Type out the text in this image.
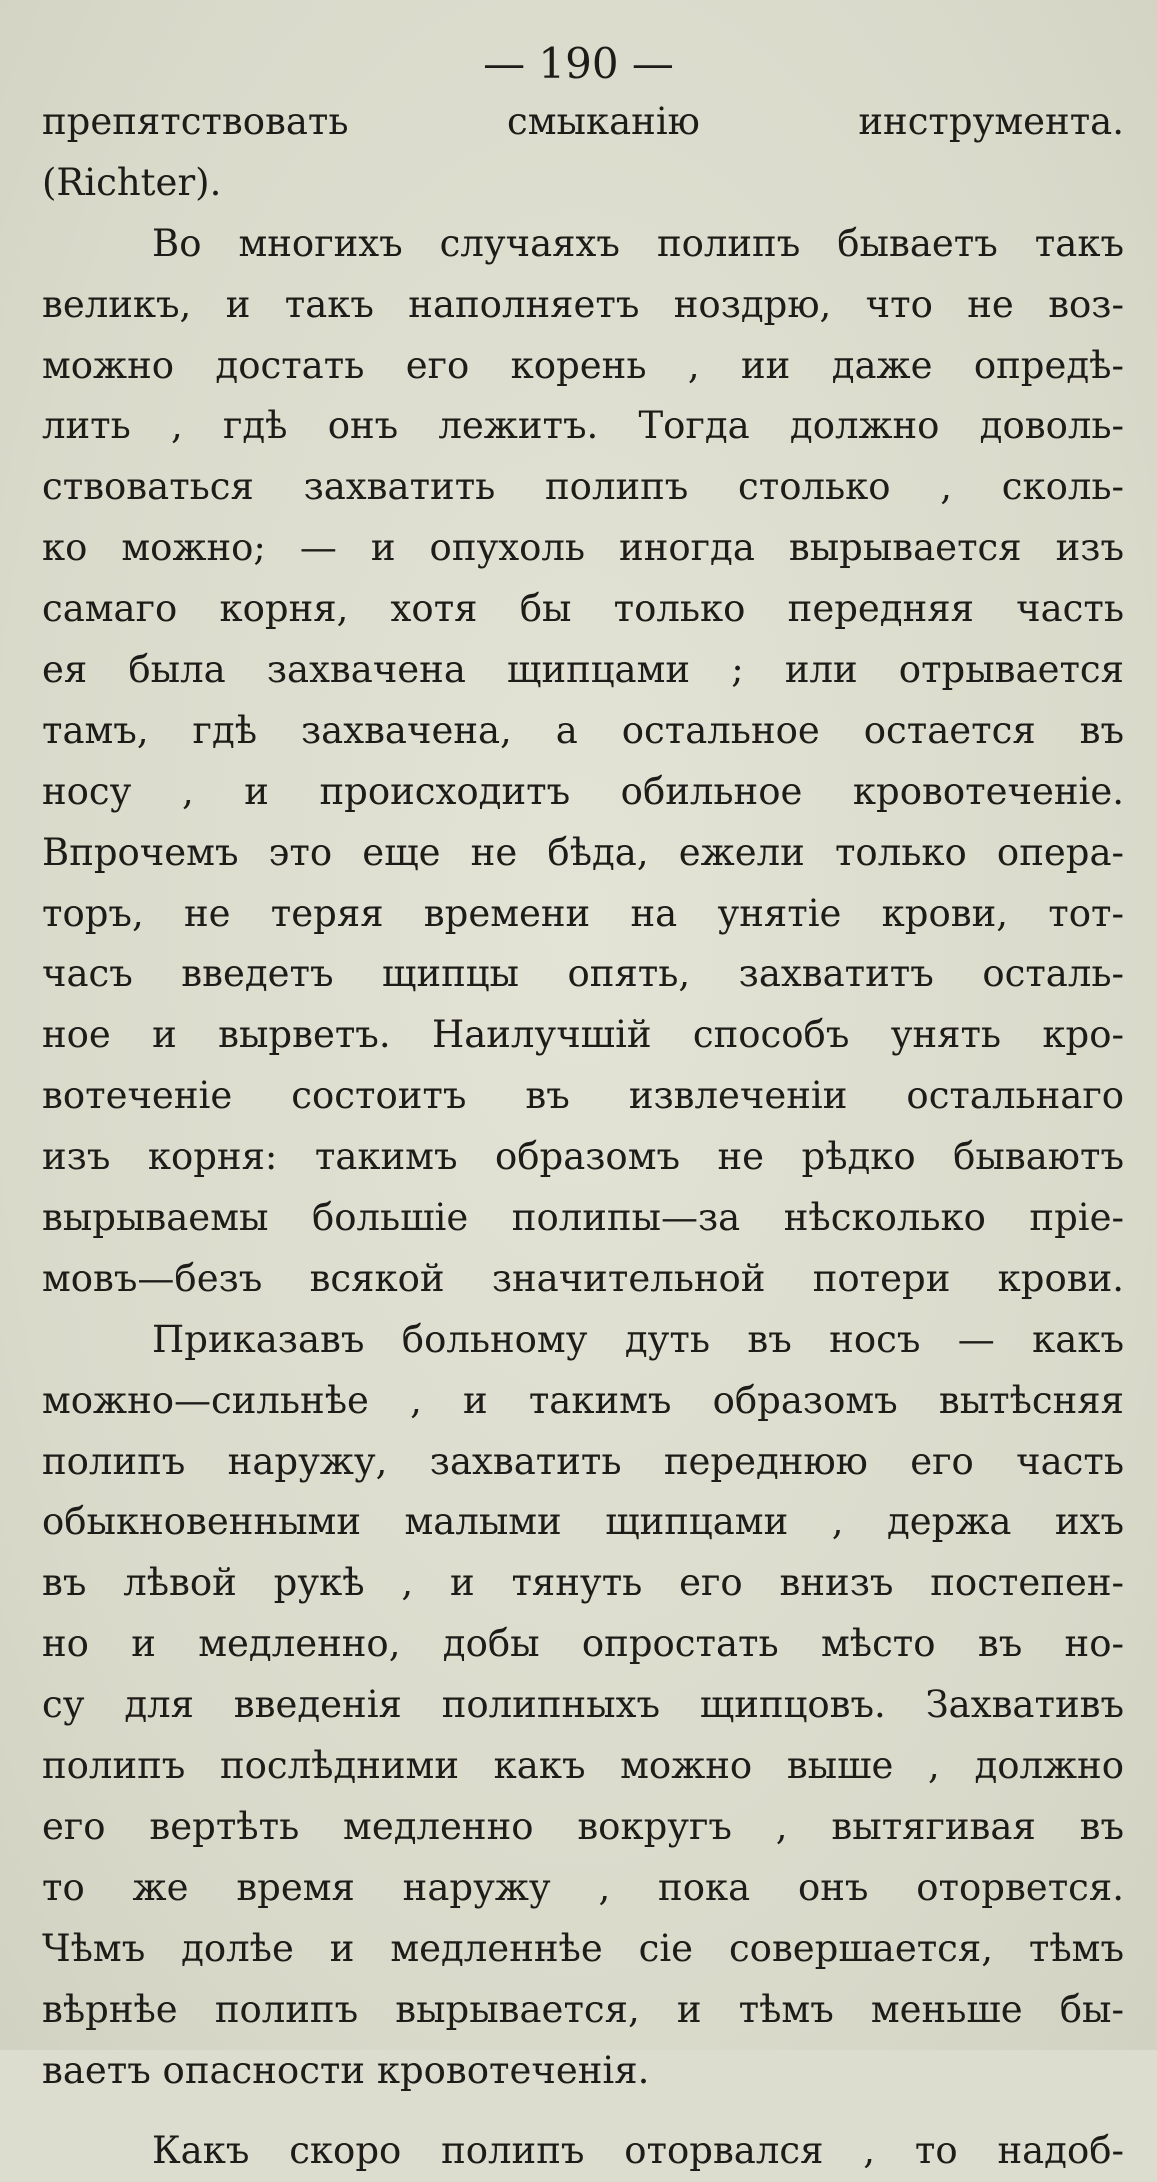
— 190 —
препятствовать смыканію инструмента.
(Richter).
Во многихъ случаяхъ полипъ бываетъ такъ
великъ, и такъ наполняетъ ноздрю, что не воз-
можно достать его корень , ии даже опредѣ-
лить , гдѣ онъ лежитъ. Тогда должно доволь-
ствоваться захватить полипъ столько , сколь-
ко можно; — и опухоль иногда вырывается изъ
самаго корня, хотя бы только передняя часть
ея была захвачена щипцами ; или отрывается
тамъ, гдѣ захвачена, а остальное остается въ
носу , и происходитъ обильное кровотеченіе.
Впрочемъ это еще не бѣда, ежели только опера-
торъ, не теряя времени на унятіе крови, тот-
часъ введетъ щипцы опять, захватитъ осталь-
ное и вырветъ. Наилучшій способъ унять кро-
вотеченіе состоитъ въ извлеченіи остальнаго
изъ корня: такимъ образомъ не рѣдко бываютъ
вырываемы большіе полипы—за нѣсколько пріе-
мовъ—безъ всякой значительной потери крови.
Приказавъ больному дуть въ носъ — какъ
можно—сильнѣе , и такимъ образомъ вытѣсняя
полипъ наружу, захватить переднюю его часть
обыкновенными малыми щипцами , держа ихъ
въ лѣвой рукѣ , и тянуть его внизъ постепен-
но и медленно, добы опростать мѣсто въ но-
су для введенія полипныхъ щипцовъ. Захвативъ
полипъ послѣдними какъ можно выше , должно
его вертѣть медленно вокругъ , вытягивая въ
то же время наружу , пока онъ оторвется.
Чѣмъ долѣе и медленнѣе сіе совершается, тѣмъ
вѣрнѣе полипъ вырывается, и тѣмъ меньше бы-
ваетъ опасности кровотеченія.
Какъ скоро полипъ оторвался , то надоб-
